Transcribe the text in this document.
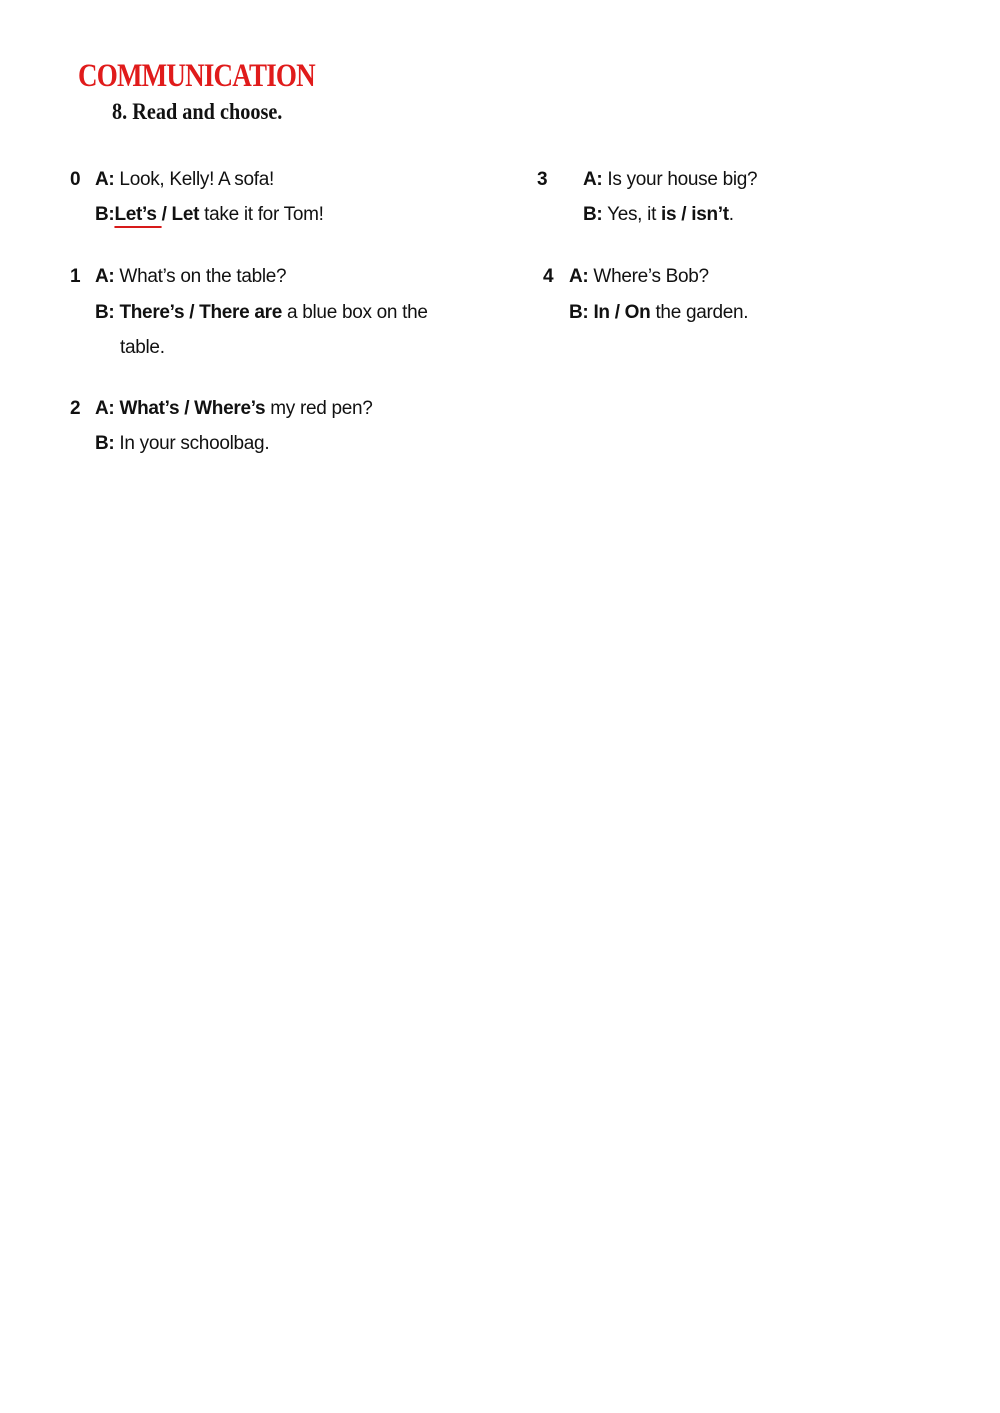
COMMUNICATION
8. Read and choose.
0 A: Look, Kelly! A sofa!
B:Let’s / Let take it for Tom!
1 A: What’s on the table?
B: There’s / There are a blue box on the
table.
2 A: What’s / Where’s my red pen?
B: In your schoolbag.
3 A: Is your house big?
B: Yes, it is / isn’t.
4 A: Where’s Bob?
B: In / On the garden.
